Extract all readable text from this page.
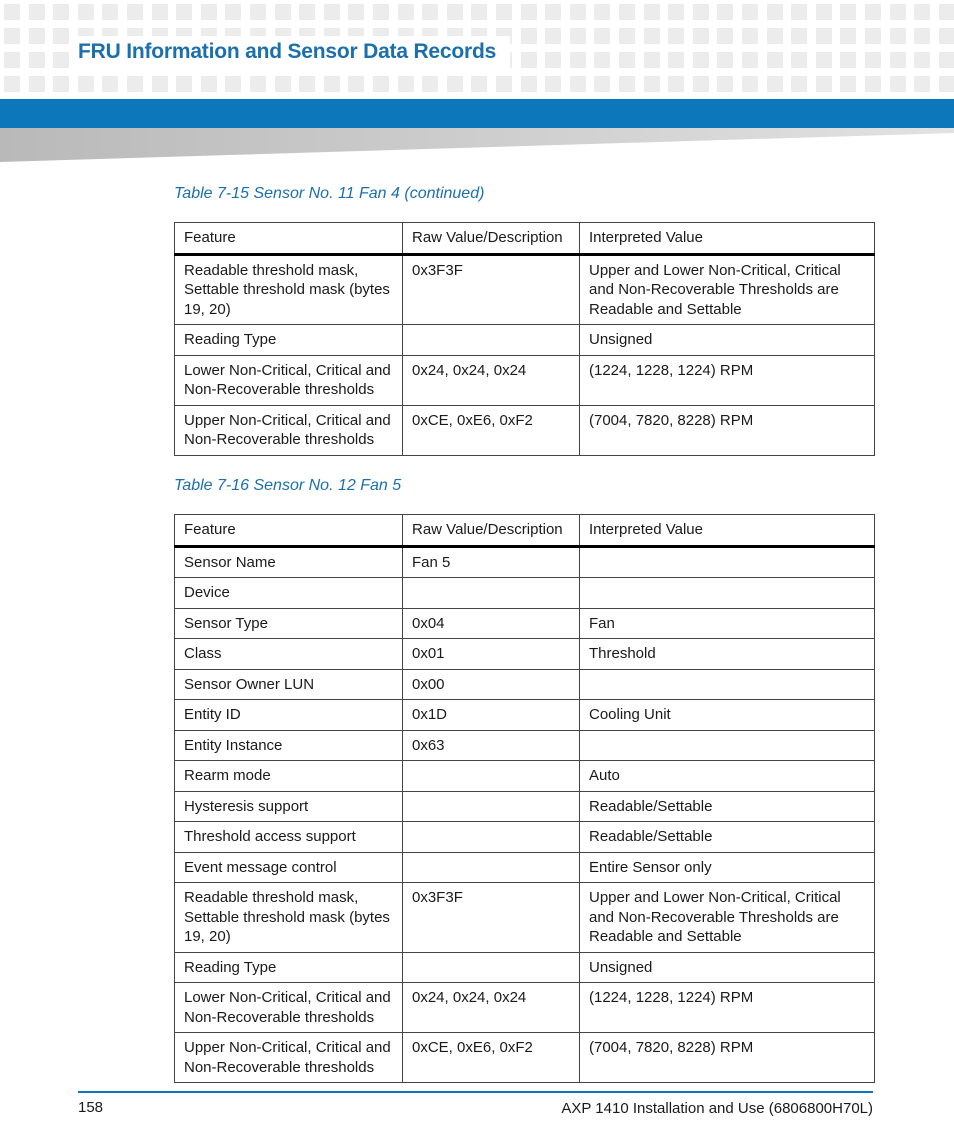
FRU Information and Sensor Data Records

Table 7-15 Sensor No. 11 Fan 4 (continued)

Feature	Raw Value/Description	Interpreted Value
Readable threshold mask, Settable threshold mask (bytes 19, 20)	0x3F3F	Upper and Lower Non-Critical, Critical and Non-Recoverable Thresholds are Readable and Settable
Reading Type		Unsigned
Lower Non-Critical, Critical and Non-Recoverable thresholds	0x24, 0x24, 0x24	(1224, 1228, 1224) RPM
Upper Non-Critical, Critical and Non-Recoverable thresholds	0xCE, 0xE6, 0xF2	(7004, 7820, 8228) RPM

Table 7-16 Sensor No. 12 Fan 5

Feature	Raw Value/Description	Interpreted Value
Sensor Name	Fan 5	
Device		
Sensor Type	0x04	Fan
Class	0x01	Threshold
Sensor Owner LUN	0x00	
Entity ID	0x1D	Cooling Unit
Entity Instance	0x63	
Rearm mode		Auto
Hysteresis support		Readable/Settable
Threshold access support		Readable/Settable
Event message control		Entire Sensor only
Readable threshold mask, Settable threshold mask (bytes 19, 20)	0x3F3F	Upper and Lower Non-Critical, Critical and Non-Recoverable Thresholds are Readable and Settable
Reading Type		Unsigned
Lower Non-Critical, Critical and Non-Recoverable thresholds	0x24, 0x24, 0x24	(1224, 1228, 1224) RPM
Upper Non-Critical, Critical and Non-Recoverable thresholds	0xCE, 0xE6, 0xF2	(7004, 7820, 8228) RPM

158	AXP 1410 Installation and Use (6806800H70L)
